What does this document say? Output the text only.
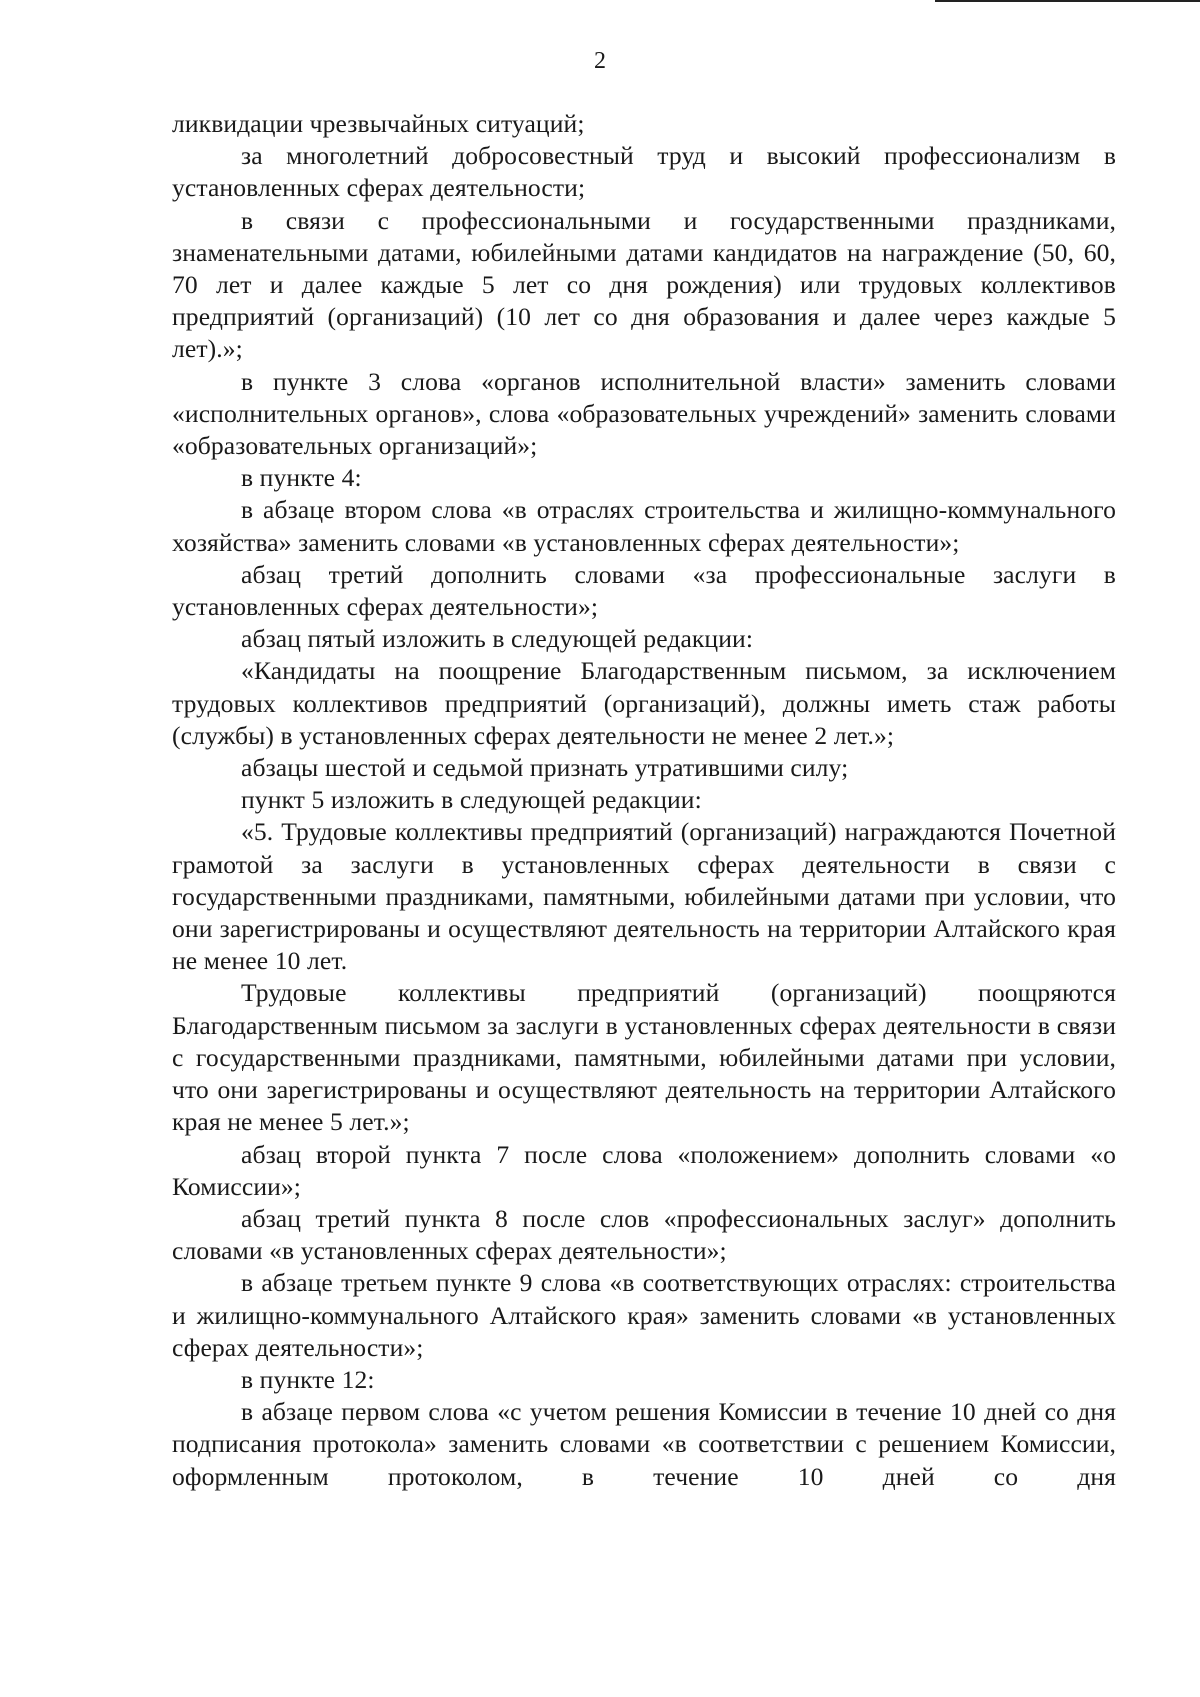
2

ликвидации чрезвычайных ситуаций;

за многолетний добросовестный труд и высокий профессионализм в установленных сферах деятельности;

в связи с профессиональными и государственными праздниками, знаменательными датами, юбилейными датами кандидатов на награждение (50, 60, 70 лет и далее каждые 5 лет со дня рождения) или трудовых коллективов предприятий (организаций) (10 лет со дня образования и далее через каждые 5 лет).»;

в пункте 3 слова «органов исполнительной власти» заменить словами «исполнительных органов», слова «образовательных учреждений» заменить словами «образовательных организаций»;

в пункте 4:

в абзаце втором слова «в отраслях строительства и жилищно-коммунального хозяйства» заменить словами «в установленных сферах деятельности»;

абзац третий дополнить словами «за профессиональные заслуги в установленных сферах деятельности»;

абзац пятый изложить в следующей редакции:

«Кандидаты на поощрение Благодарственным письмом, за исключением трудовых коллективов предприятий (организаций), должны иметь стаж работы (службы) в установленных сферах деятельности не менее 2 лет.»;

абзацы шестой и седьмой признать утратившими силу;

пункт 5 изложить в следующей редакции:

«5. Трудовые коллективы предприятий (организаций) награждаются Почетной грамотой за заслуги в установленных сферах деятельности в связи с государственными праздниками, памятными, юбилейными датами при условии, что они зарегистрированы и осуществляют деятельность на территории Алтайского края не менее 10 лет.

Трудовые коллективы предприятий (организаций) поощряются Благодарственным письмом за заслуги в установленных сферах деятельности в связи с государственными праздниками, памятными, юбилейными датами при условии, что они зарегистрированы и осуществляют деятельность на территории Алтайского края не менее 5 лет.»;

абзац второй пункта 7 после слова «положением» дополнить словами «о Комиссии»;

абзац третий пункта 8 после слов «профессиональных заслуг» дополнить словами «в установленных сферах деятельности»;

в абзаце третьем пункте 9 слова «в соответствующих отраслях: строительства и жилищно-коммунального Алтайского края» заменить словами «в установленных сферах деятельности»;

в пункте 12:

в абзаце первом слова «с учетом решения Комиссии в течение 10 дней со дня подписания протокола» заменить словами «в соответствии с решением Комиссии, оформленным протоколом, в течение 10 дней со дня
